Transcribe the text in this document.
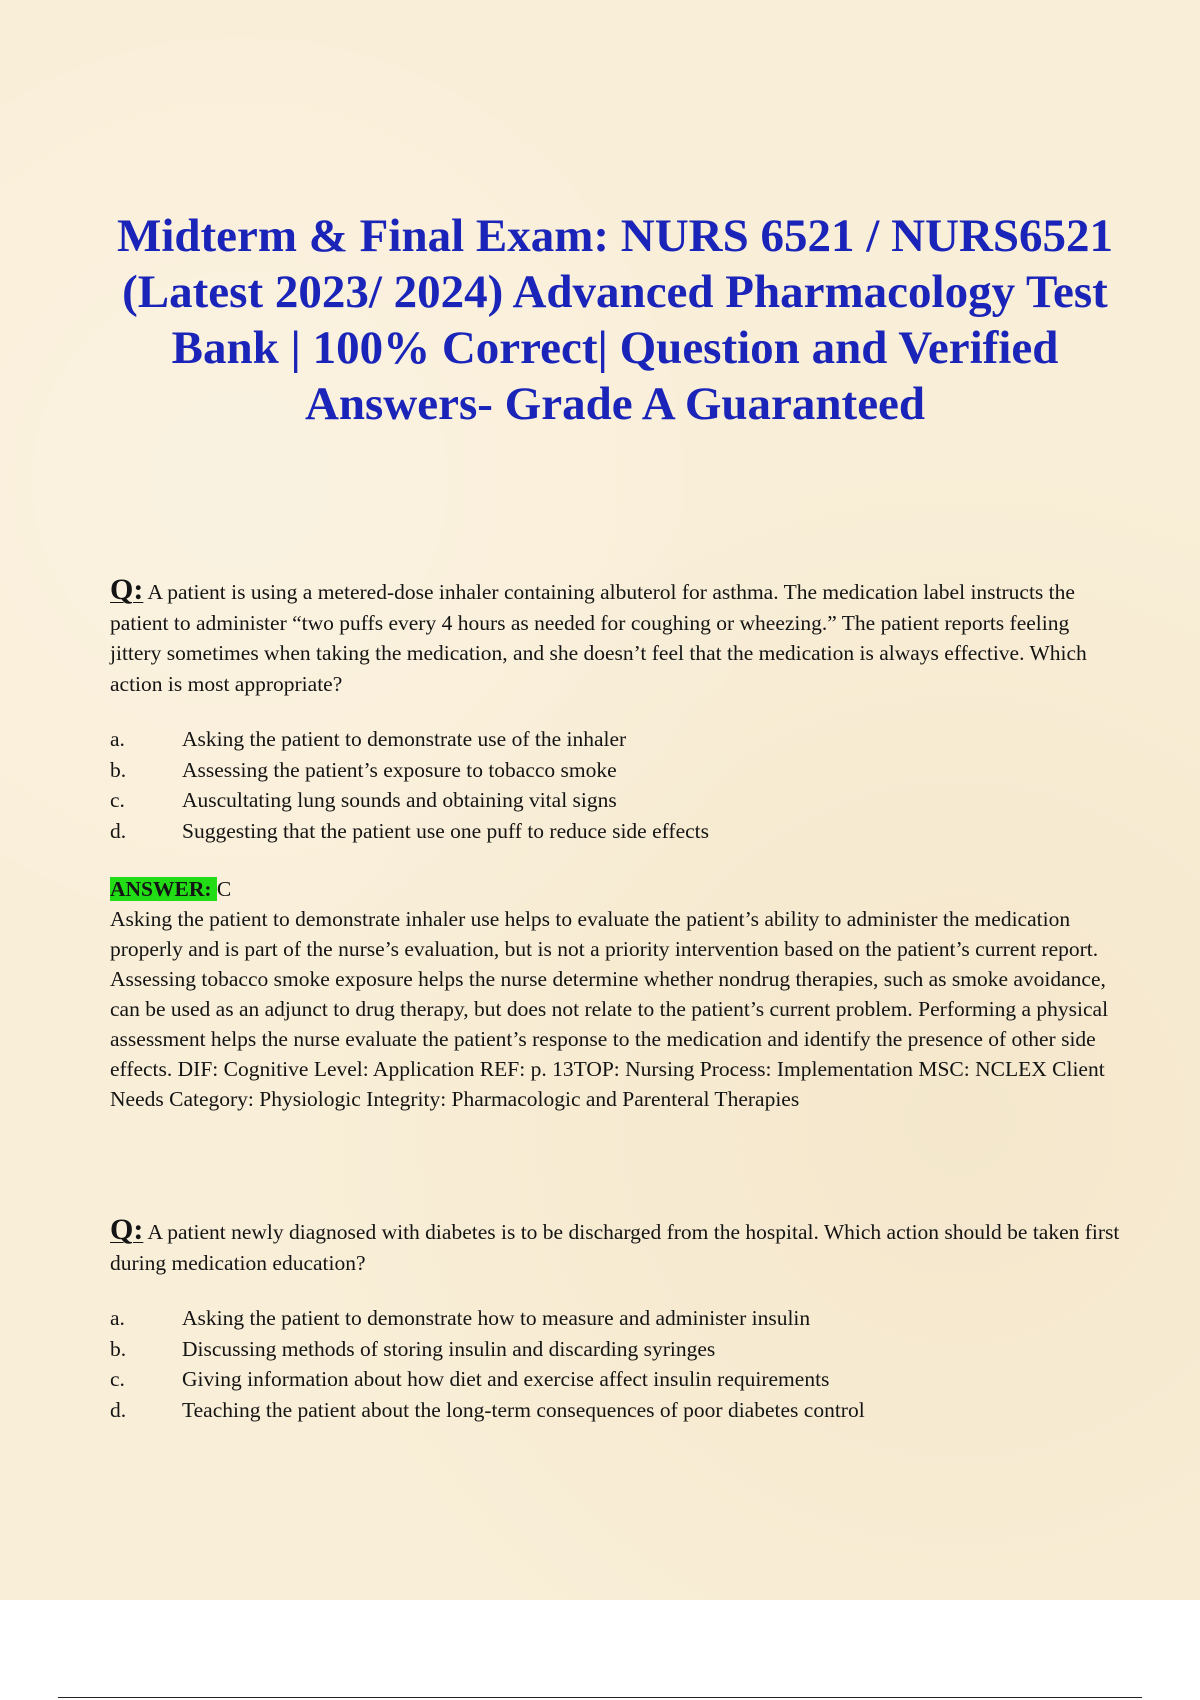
Midterm & Final Exam: NURS 6521 / NURS6521 (Latest 2023/ 2024) Advanced Pharmacology Test Bank | 100% Correct| Question and Verified Answers- Grade A Guaranteed

Q: A patient is using a metered-dose inhaler containing albuterol for asthma. The medication label instructs the patient to administer “two puffs every 4 hours as needed for coughing or wheezing.” The patient reports feeling jittery sometimes when taking the medication, and she doesn’t feel that the medication is always effective. Which action is most appropriate?

a.	Asking the patient to demonstrate use of the inhaler
b.	Assessing the patient’s exposure to tobacco smoke
c.	Auscultating lung sounds and obtaining vital signs
d.	Suggesting that the patient use one puff to reduce side effects

ANSWER: C

Asking the patient to demonstrate inhaler use helps to evaluate the patient’s ability to administer the medication properly and is part of the nurse’s evaluation, but is not a priority intervention based on the patient’s current report. Assessing tobacco smoke exposure helps the nurse determine whether nondrug therapies, such as smoke avoidance, can be used as an adjunct to drug therapy, but does not relate to the patient’s current problem. Performing a physical assessment helps the nurse evaluate the patient’s response to the medication and identify the presence of other side effects. DIF: Cognitive Level: Application REF: p. 13TOP: Nursing Process: Implementation MSC: NCLEX Client Needs Category: Physiologic Integrity: Pharmacologic and Parenteral Therapies

Q: A patient newly diagnosed with diabetes is to be discharged from the hospital. Which action should be taken first during medication education?

a.	Asking the patient to demonstrate how to measure and administer insulin
b.	Discussing methods of storing insulin and discarding syringes
c.	Giving information about how diet and exercise affect insulin requirements
d.	Teaching the patient about the long-term consequences of poor diabetes control
